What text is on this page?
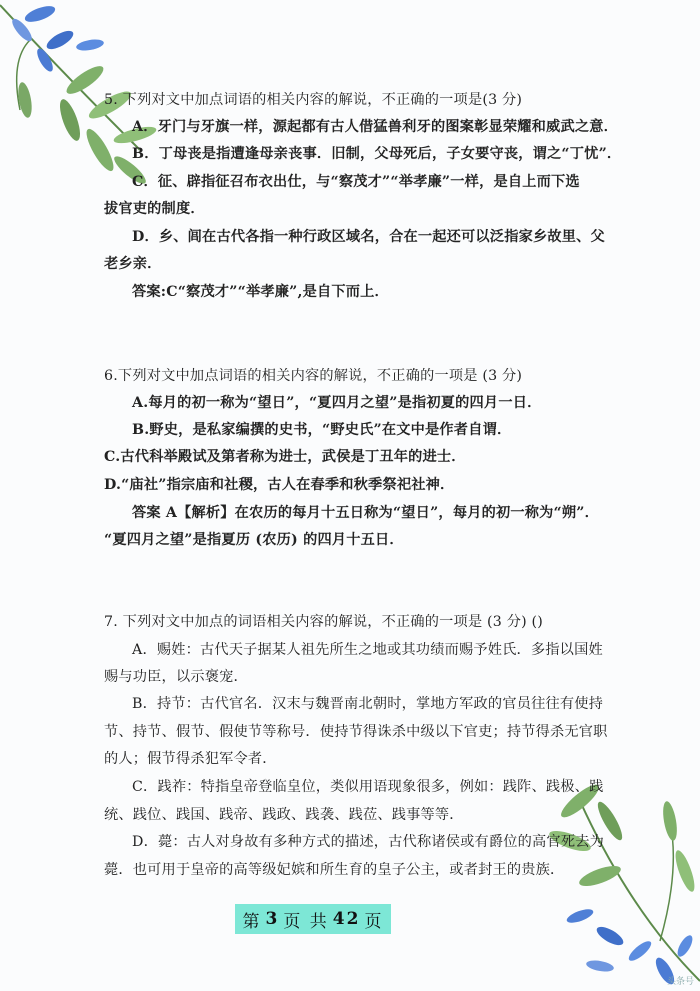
5. 下列对文中加点词语的相关内容的解说，不正确的一项是(3 分)

A．牙门与牙旗一样，源起都有古人借猛兽利牙的图案彰显荣耀和威武之意．

B．丁母丧是指遭逢母亲丧事．旧制，父母死后，子女要守丧，谓之“丁忧”．

C．征、辟指征召布衣出仕，与“察茂才”“举孝廉”一样，是自上而下选

拔官吏的制度．

D．乡、闾在古代各指一种行政区域名，合在一起还可以泛指家乡故里、父

老乡亲．

答案:C“察茂才”“举孝廉”,是自下而上．

6.下列对文中加点词语的相关内容的解说，不正确的一项是 (3 分)

A.每月的初一称为“望日”，“夏四月之望”是指初夏的四月一日．

B.野史，是私家编撰的史书，“野史氏”在文中是作者自谓．

C.古代科举殿试及第者称为进士，武侯是丁丑年的进士．

D.“庙社”指宗庙和社稷，古人在春季和秋季祭祀社神．

答案 A【解析】在农历的每月十五日称为“望日”，每月的初一称为“朔”．

“夏四月之望”是指夏历 (农历) 的四月十五日．

7. 下列对文中加点的词语相关内容的解说，不正确的一项是 (3 分) ()

A．赐姓：古代天子据某人祖先所生之地或其功绩而赐予姓氏．多指以国姓

赐与功臣，以示褒宠．

B．持节：古代官名．汉末与魏晋南北朝时，掌地方军政的官员往往有使持

节、持节、假节、假使节等称号．使持节得诛杀中级以下官吏；持节得杀无官职

的人；假节得杀犯军令者．

C．践祚：特指皇帝登临皇位，类似用语现象很多，例如：践阼、践极、践

统、践位、践国、践帝、践政、践袭、践莅、践事等等．

D．薨：古人对身故有多种方式的描述，古代称诸侯或有爵位的高官死去为

薨．也可用于皇帝的高等级妃嫔和所生育的皇子公主，或者封王的贵族．

第 3 页 共 42 页
头条号
